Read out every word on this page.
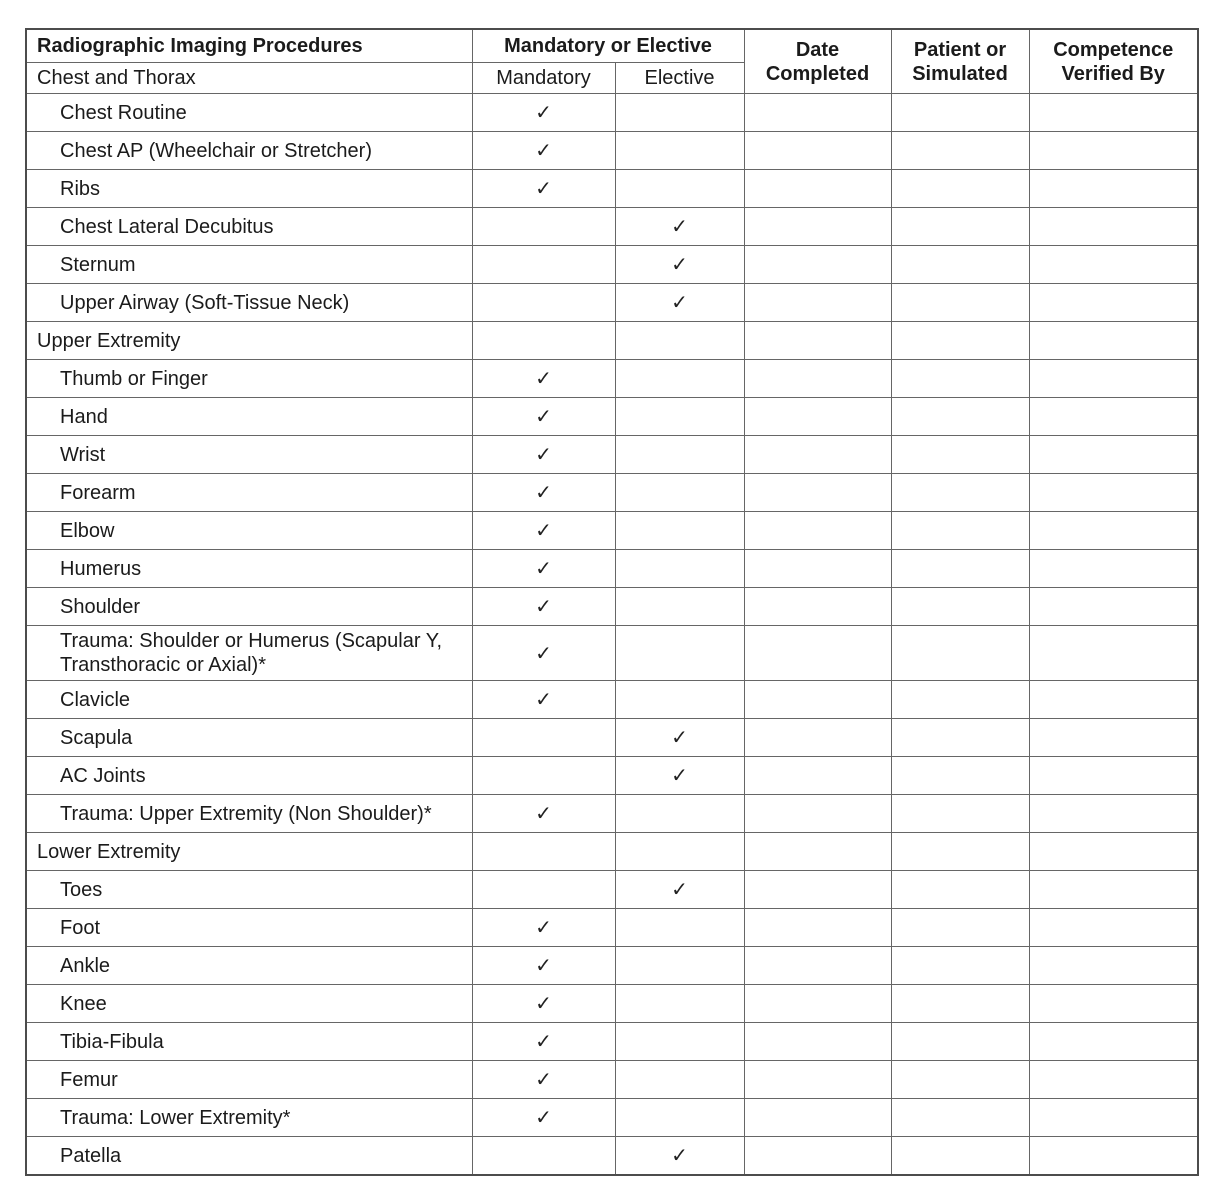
Radiographic Imaging Procedures	Mandatory or Elective		Date Completed	Patient or Simulated	Competence Verified By
Chest and Thorax	Mandatory	Elective			
Chest Routine	✓				
Chest AP (Wheelchair or Stretcher)	✓				
Ribs	✓				
Chest Lateral Decubitus		✓			
Sternum		✓			
Upper Airway (Soft-Tissue Neck)		✓			
Upper Extremity					
Thumb or Finger	✓				
Hand	✓				
Wrist	✓				
Forearm	✓				
Elbow	✓				
Humerus	✓				
Shoulder	✓				
Trauma: Shoulder or Humerus (Scapular Y, Transthoracic or Axial)*	✓				
Clavicle	✓				
Scapula		✓			
AC Joints		✓			
Trauma: Upper Extremity (Non Shoulder)*	✓				
Lower Extremity					
Toes		✓			
Foot	✓				
Ankle	✓				
Knee	✓				
Tibia-Fibula	✓				
Femur	✓				
Trauma: Lower Extremity*	✓				
Patella		✓			
